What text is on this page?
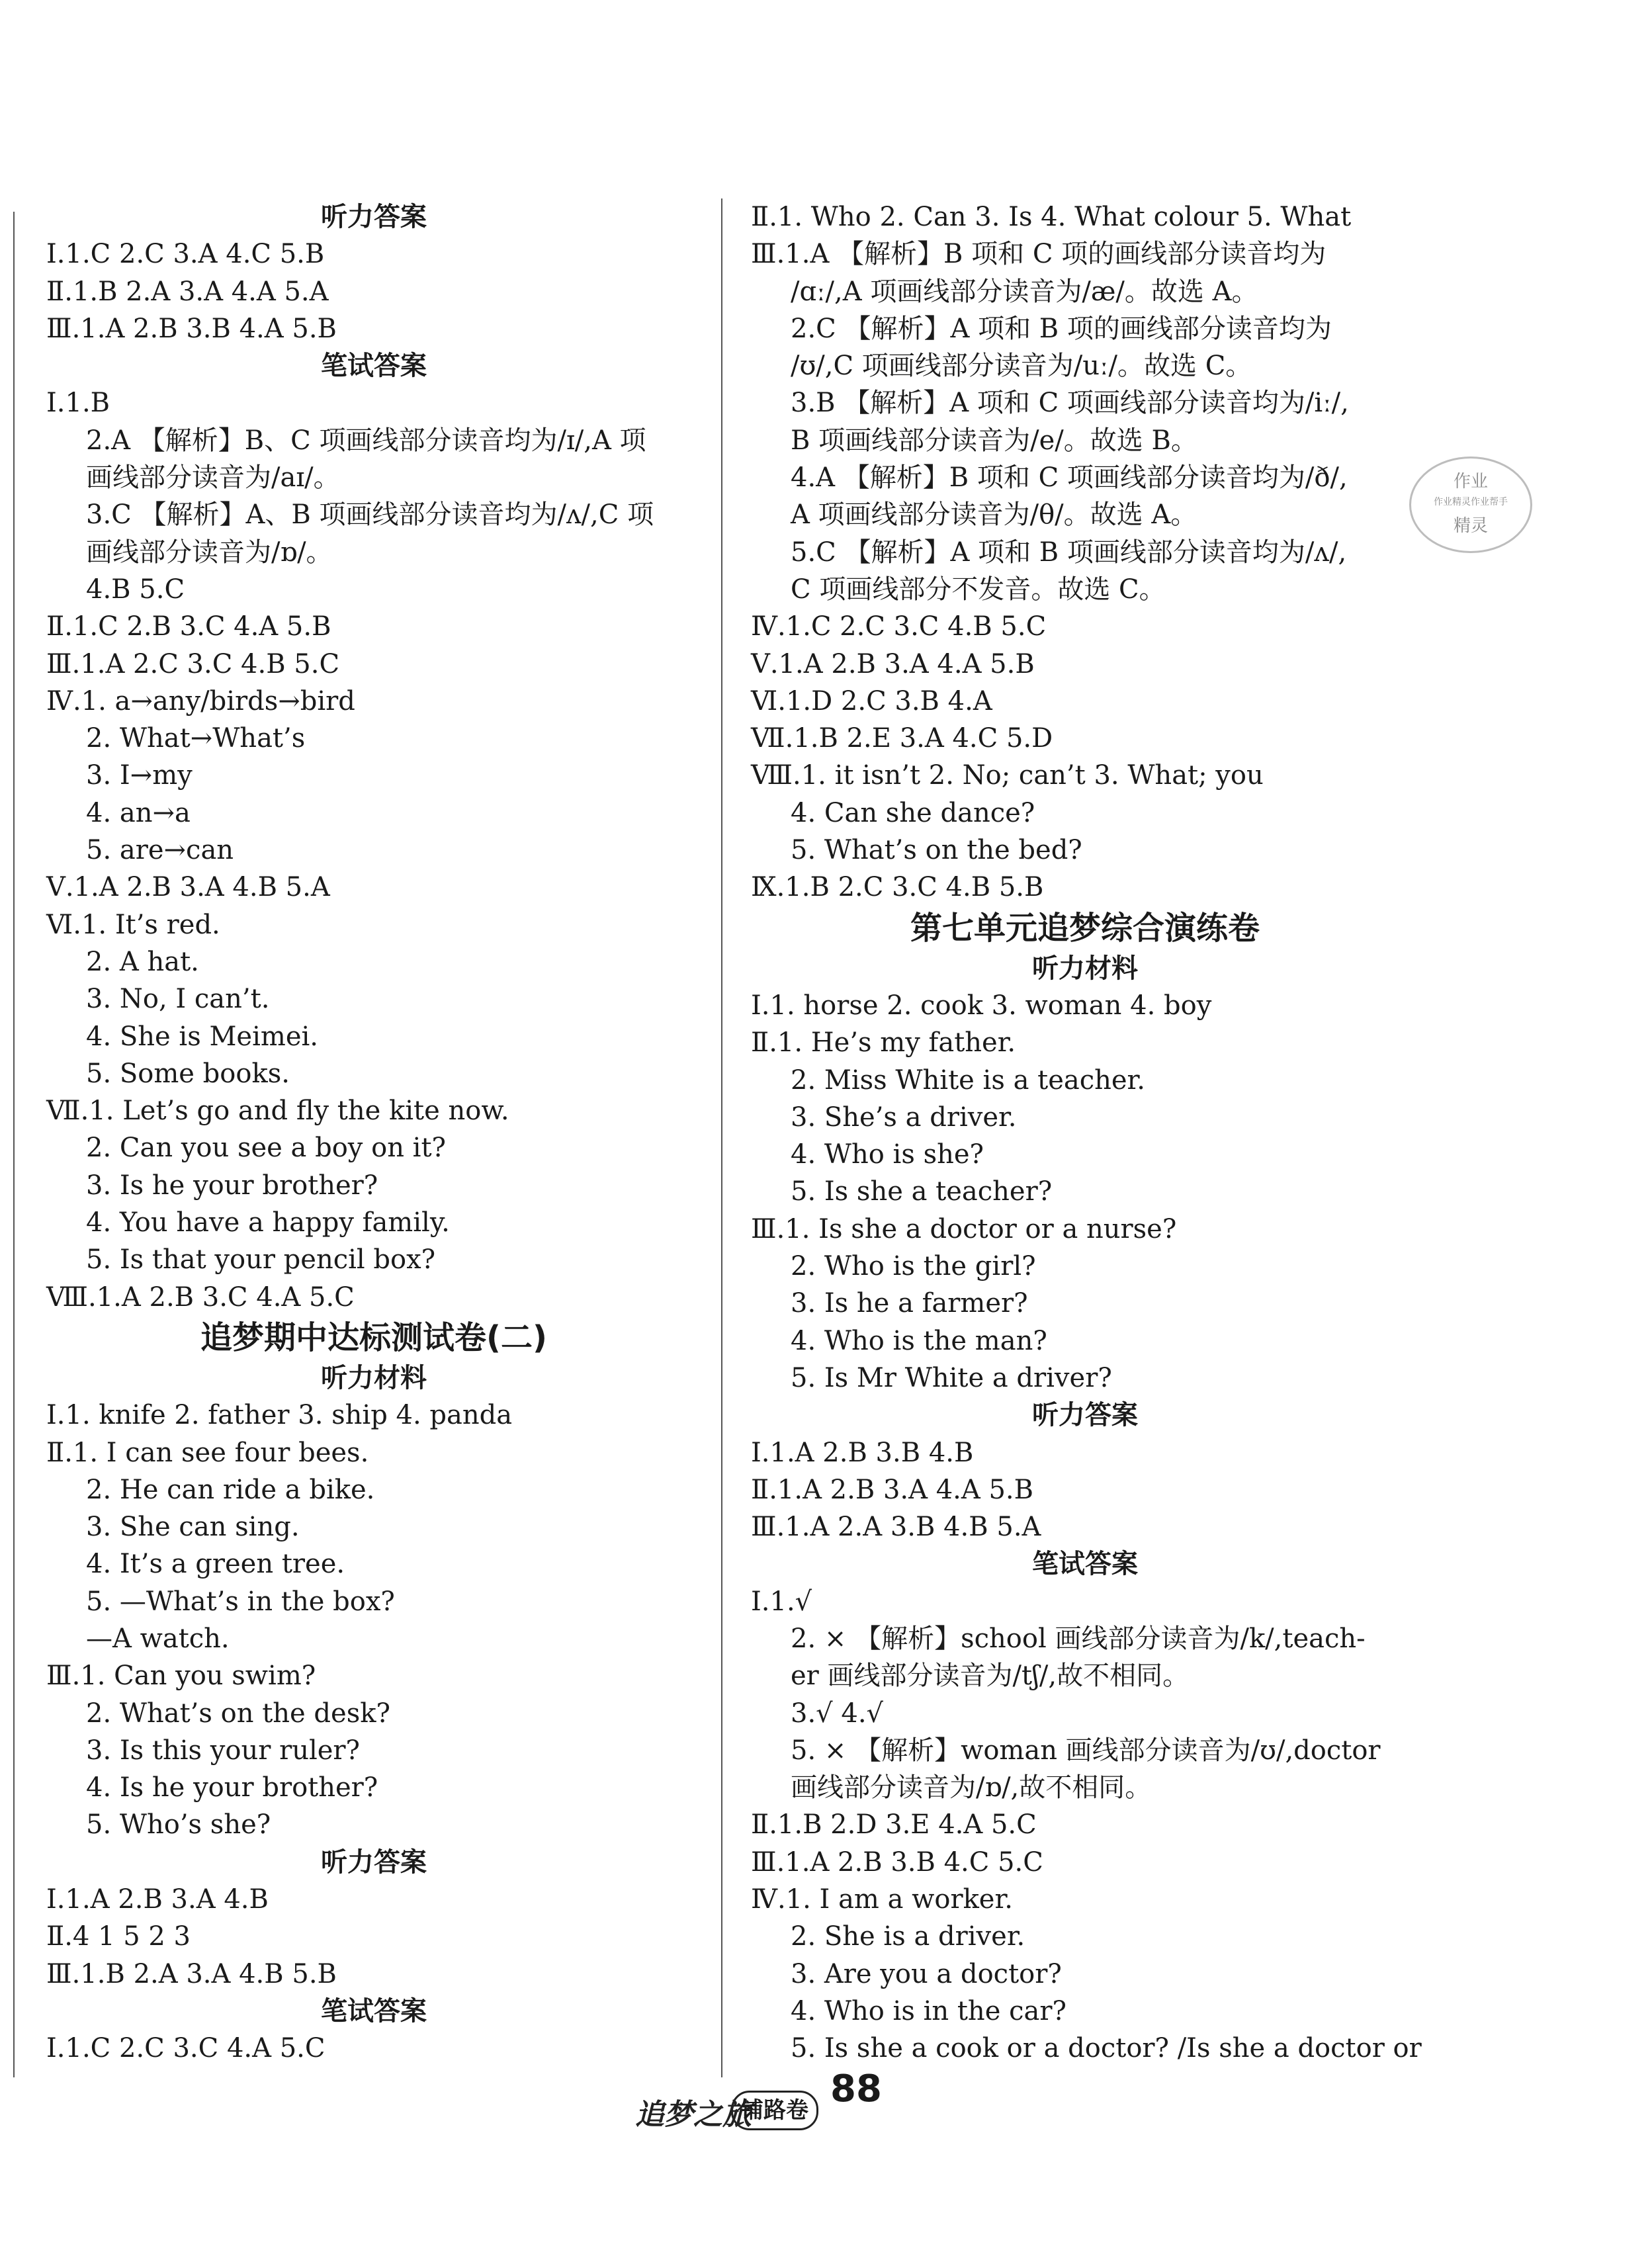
听力答案
Ⅰ.1.C 2.C 3.A 4.C 5.B
Ⅱ.1.B 2.A 3.A 4.A 5.A
Ⅲ.1.A 2.B 3.B 4.A 5.B
笔试答案
Ⅰ.1.B
2.A 【解析】B、C 项画线部分读音均为/ɪ/,A 项
画线部分读音为/aɪ/。
3.C 【解析】A、B 项画线部分读音均为/ʌ/,C 项
画线部分读音为/ɒ/。
4.B 5.C
Ⅱ.1.C 2.B 3.C 4.A 5.B
Ⅲ.1.A 2.C 3.C 4.B 5.C
Ⅳ.1. a→any/birds→bird
2. What→What’s
3. I→my
4. an→a
5. are→can
Ⅴ.1.A 2.B 3.A 4.B 5.A
Ⅵ.1. It’s red.
2. A hat.
3. No, I can’t.
4. She is Meimei.
5. Some books.
Ⅶ.1. Let’s go and fly the kite now.
2. Can you see a boy on it?
3. Is he your brother?
4. You have a happy family.
5. Is that your pencil box?
Ⅷ.1.A 2.B 3.C 4.A 5.C
追梦期中达标测试卷(二)
听力材料
Ⅰ.1. knife 2. father 3. ship 4. panda
Ⅱ.1. I can see four bees.
2. He can ride a bike.
3. She can sing.
4. It’s a green tree.
5. —What’s in the box?
—A watch.
Ⅲ.1. Can you swim?
2. What’s on the desk?
3. Is this your ruler?
4. Is he your brother?
5. Who’s she?
听力答案
Ⅰ.1.A 2.B 3.A 4.B
Ⅱ.4 1 5 2 3
Ⅲ.1.B 2.A 3.A 4.B 5.B
笔试答案
Ⅰ.1.C 2.C 3.C 4.A 5.C
Ⅱ.1. Who 2. Can 3. Is 4. What colour 5. What
Ⅲ.1.A 【解析】B 项和 C 项的画线部分读音均为
/ɑː/,A 项画线部分读音为/æ/。故选 A。
2.C 【解析】A 项和 B 项的画线部分读音均为
/ʊ/,C 项画线部分读音为/uː/。故选 C。
3.B 【解析】A 项和 C 项画线部分读音均为/iː/,
B 项画线部分读音为/e/。故选 B。
4.A 【解析】B 项和 C 项画线部分读音均为/ð/,
A 项画线部分读音为/θ/。故选 A。
5.C 【解析】A 项和 B 项画线部分读音均为/ʌ/,
C 项画线部分不发音。故选 C。
Ⅳ.1.C 2.C 3.C 4.B 5.C
Ⅴ.1.A 2.B 3.A 4.A 5.B
Ⅵ.1.D 2.C 3.B 4.A
Ⅶ.1.B 2.E 3.A 4.C 5.D
Ⅷ.1. it isn’t 2. No; can’t 3. What; you
4. Can she dance?
5. What’s on the bed?
Ⅸ.1.B 2.C 3.C 4.B 5.B
第七单元追梦综合演练卷
听力材料
Ⅰ.1. horse 2. cook 3. woman 4. boy
Ⅱ.1. He’s my father.
2. Miss White is a teacher.
3. She’s a driver.
4. Who is she?
5. Is she a teacher?
Ⅲ.1. Is she a doctor or a nurse?
2. Who is the girl?
3. Is he a farmer?
4. Who is the man?
5. Is Mr White a driver?
听力答案
Ⅰ.1.A 2.B 3.B 4.B
Ⅱ.1.A 2.B 3.A 4.A 5.B
Ⅲ.1.A 2.A 3.B 4.B 5.A
笔试答案
Ⅰ.1.√
2. × 【解析】school 画线部分读音为/k/,teach-
er 画线部分读音为/tʃ/,故不相同。
3.√ 4.√
5. × 【解析】woman 画线部分读音为/ʊ/,doctor
画线部分读音为/ɒ/,故不相同。
Ⅱ.1.B 2.D 3.E 4.A 5.C
Ⅲ.1.A 2.B 3.B 4.C 5.C
Ⅳ.1. I am a worker.
2. She is a driver.
3. Are you a doctor?
4. Who is in the car?
5. Is she a cook or a doctor? /Is she a doctor or
作业
作业精灵作业帮手
精灵
追梦之旅
铺路卷 88
